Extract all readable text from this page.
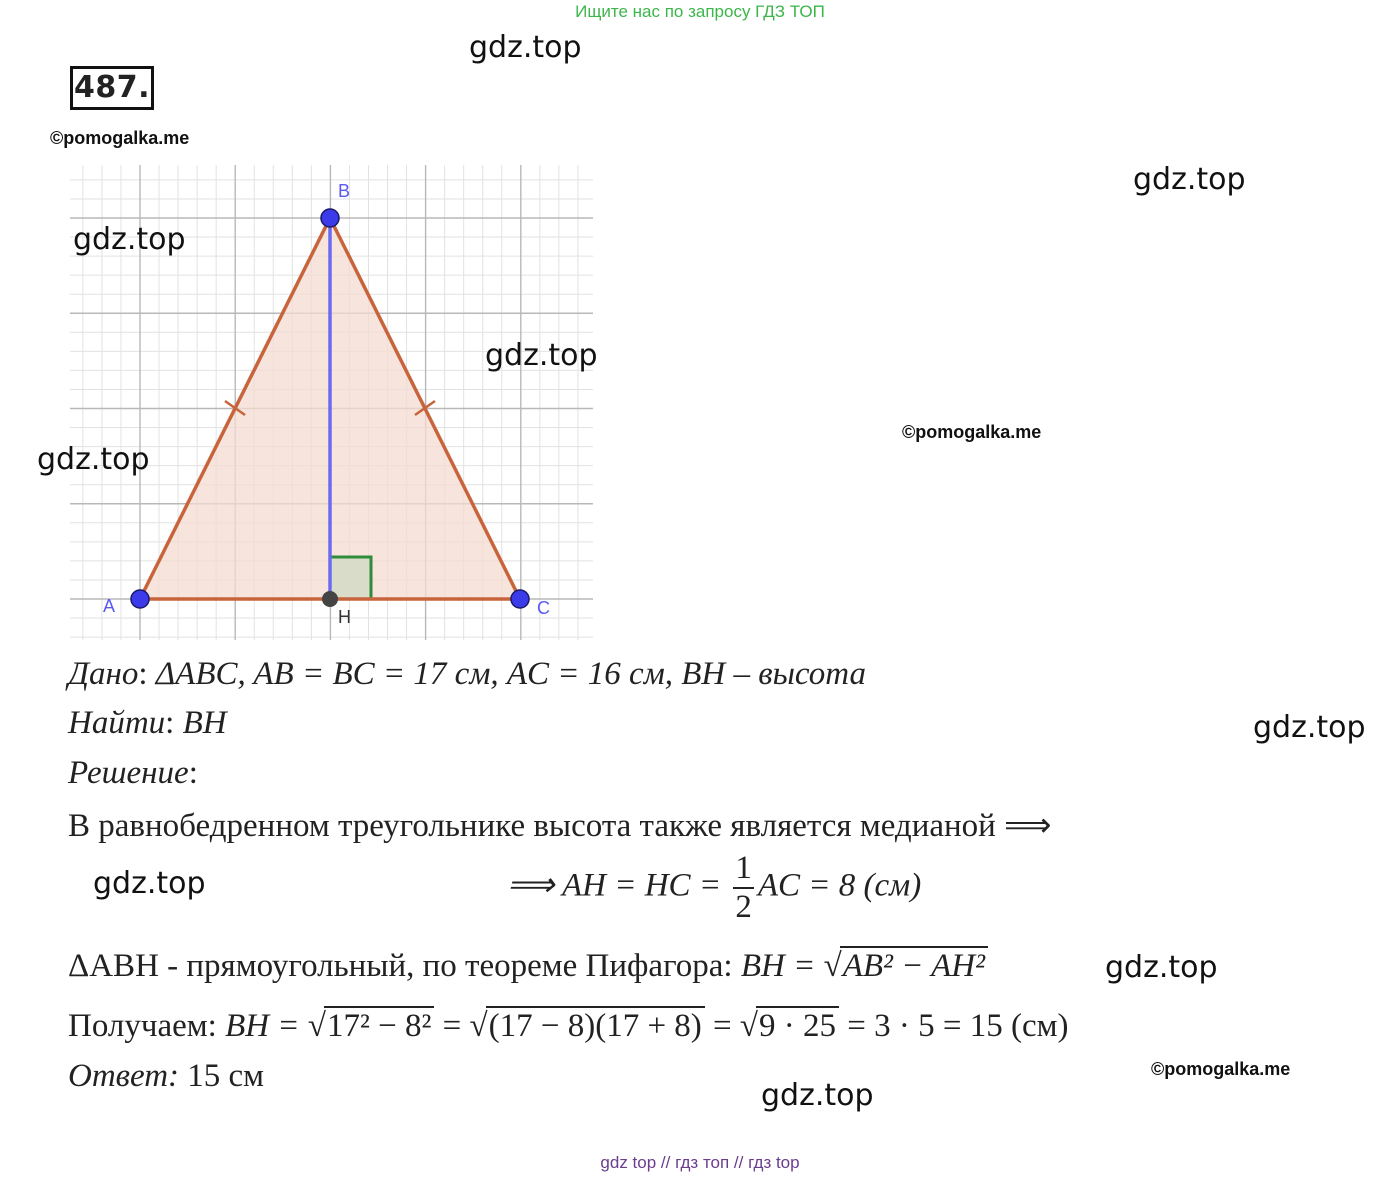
Ищите нас по запросу ГДЗ ТОП
487.
gdz.top
©pomogalka.me
gdz.top
A
B
C
H
gdz.top
gdz.top
©pomogalka.me
gdz.top
Дано: ΔABC, AB = BC = 17 см, AC = 16 см, BH – высота
Найти: BH	gdz.top
Решение:
В равнобедренном треугольнике высота также является медианой ⟹
gdz.top	⟹ AH = HC = $\frac{1}{2}$ AC = 8 (см)
ΔABH - прямоугольный, по теореме Пифагора: BH = √AB² − AH²	gdz.top
Получаем: BH = √17² − 8² = √(17 − 8)(17 + 8) = √9 · 25 = 3 · 5 = 15 (см)
Ответ: 15 см	©pomogalka.me
gdz.top
gdz top // гдз топ // гдз top
